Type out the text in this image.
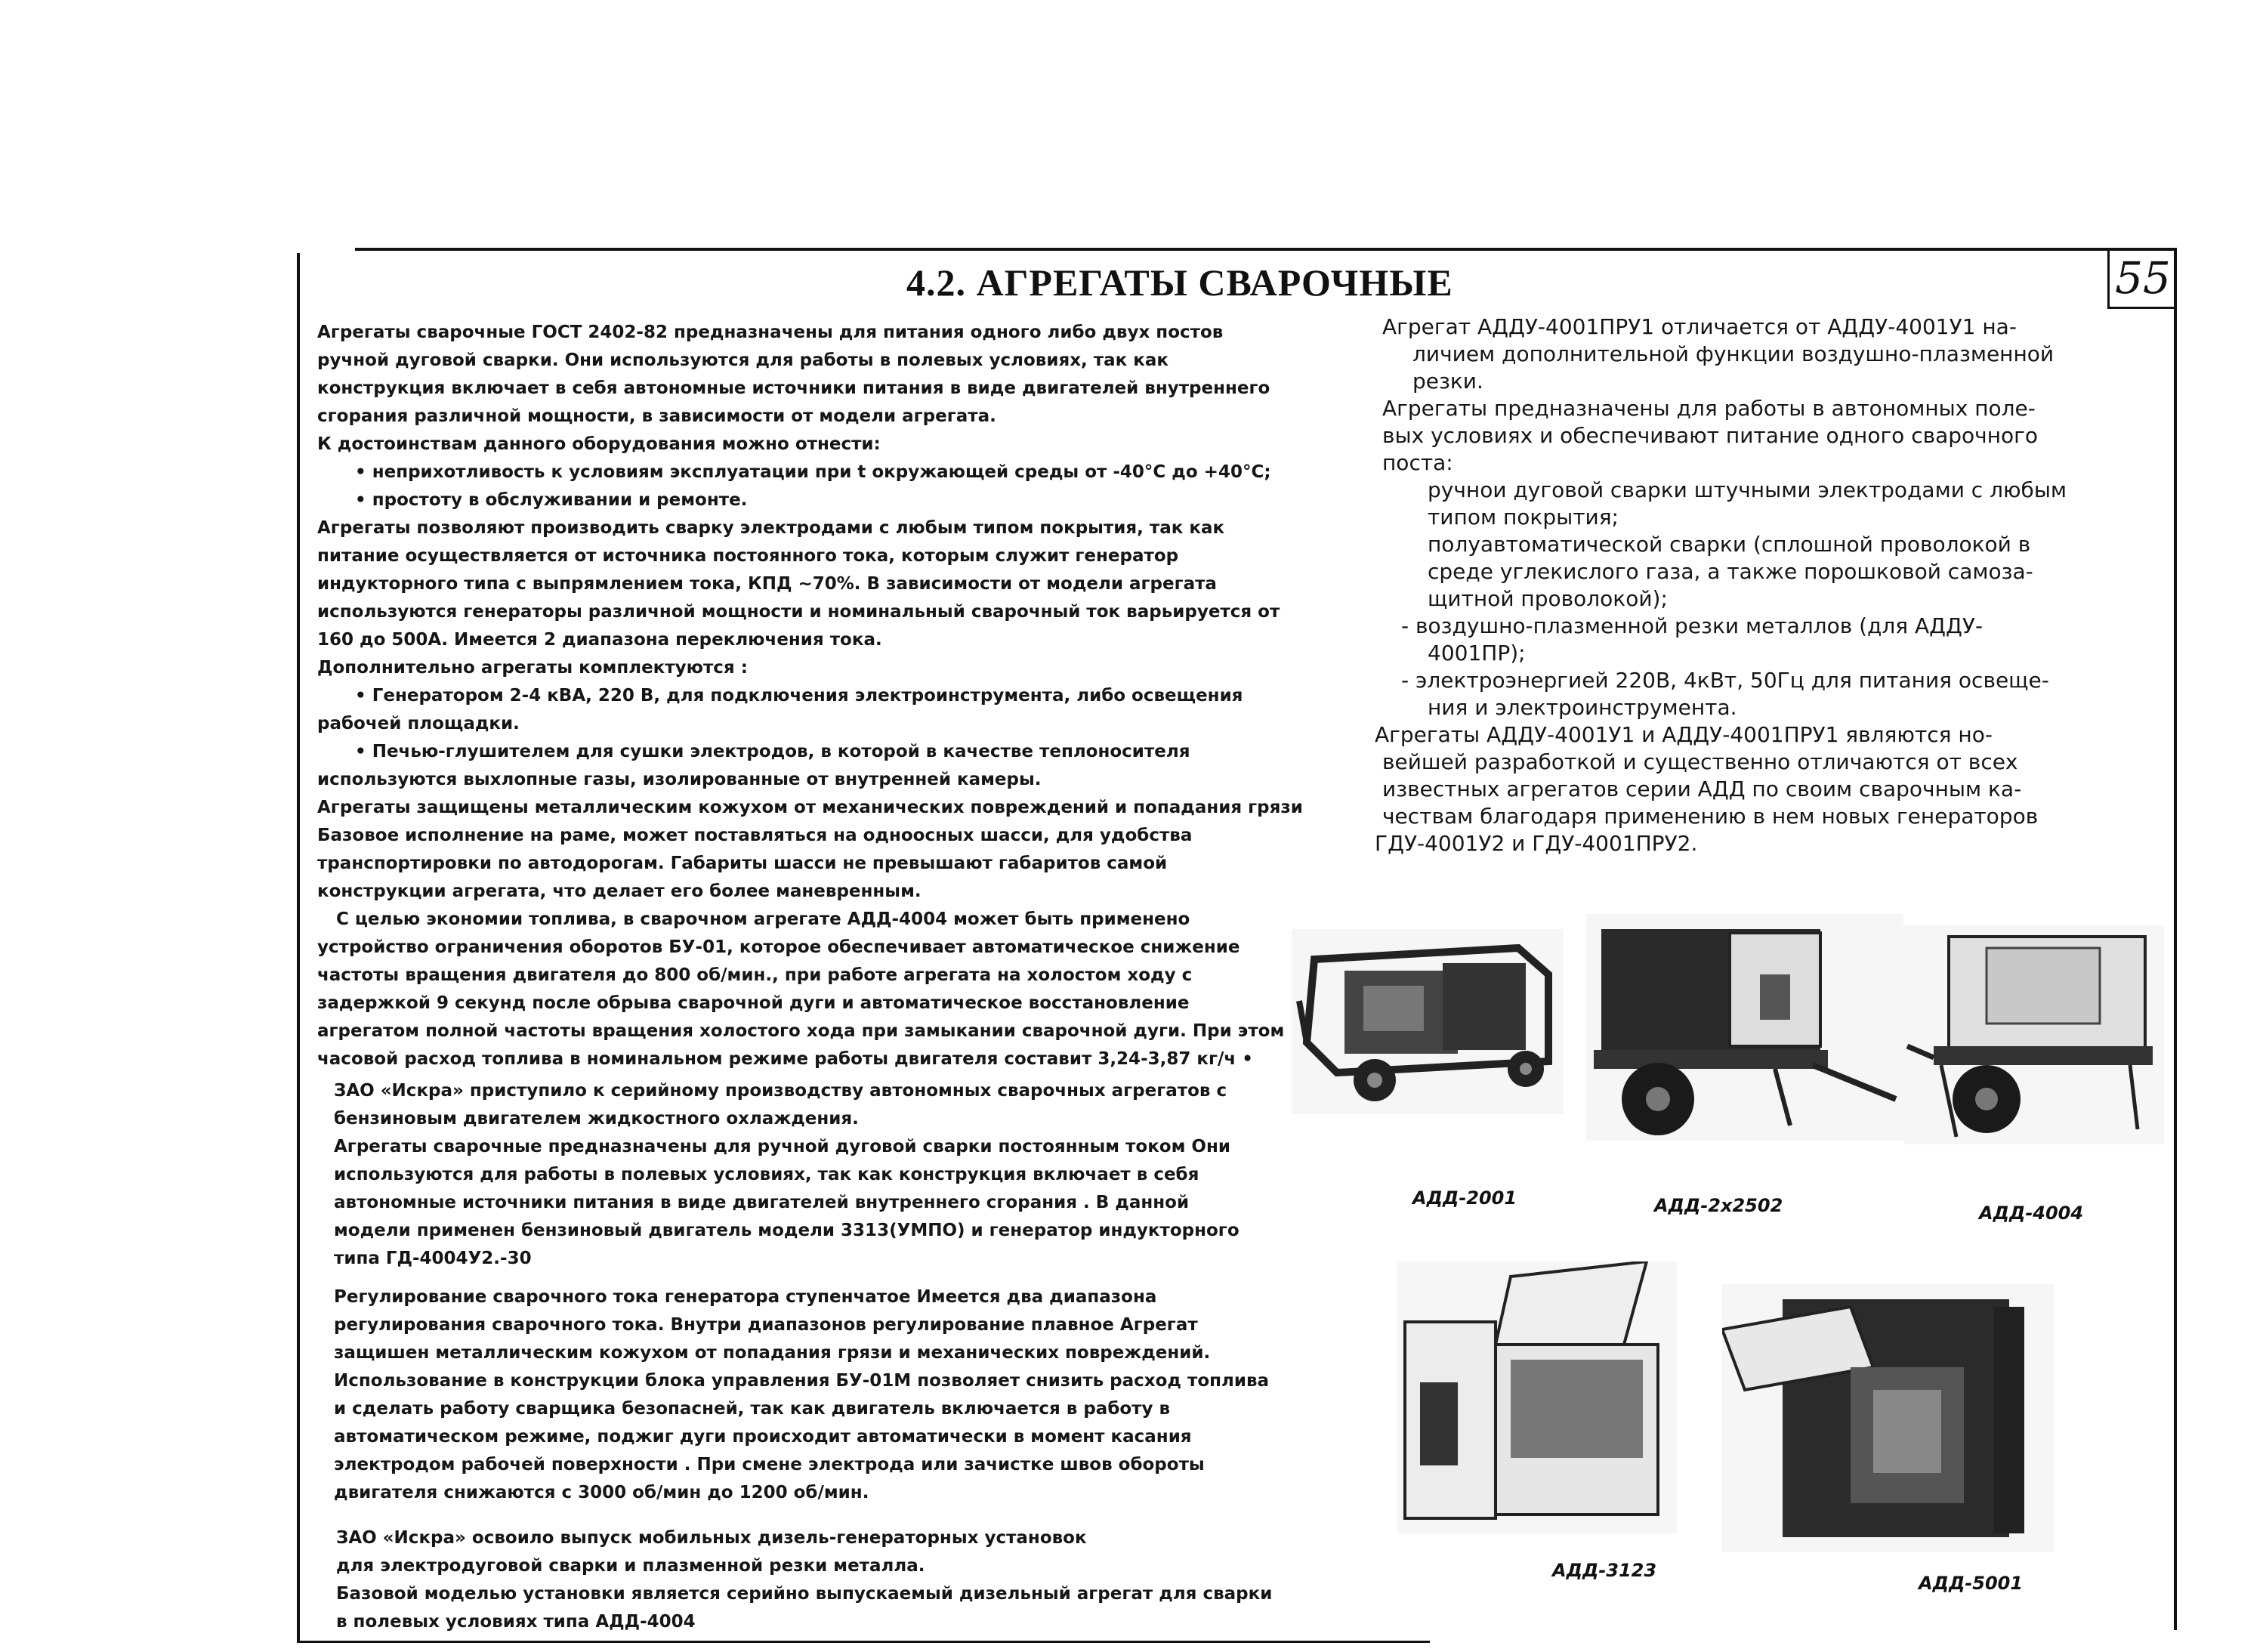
55
4.2. АГРЕГАТЫ СВАРОЧНЫЕ

Агрегаты сварочные ГОСТ 2402-82 предназначены для питания одного либо двух постов

ручной дуговой сварки. Они используются для работы в полевых условиях, так как

конструкция включает в себя автономные источники питания в виде двигателей внутреннего

сгорания различной мощности, в зависимости от модели агрегата.

К достоинствам данного оборудования можно отнести:

• неприхотливость к условиям эксплуатации при t окружающей среды от -40°С до +40°С;

• простоту в обслуживании и ремонте.

Агрегаты позволяют производить сварку электродами с любым типом покрытия, так как

питание осуществляется от источника постоянного тока, которым служит генератор

индукторного типа с выпрямлением тока, КПД ~70%. В зависимости от модели агрегата

используются генераторы различной мощности и номинальный сварочный ток варьируется от

160 до 500А. Имеется 2 диапазона переключения тока.

Дополнительно агрегаты комплектуются :

• Генератором 2-4 кВА, 220 В, для подключения электроинструмента, либо освещения

рабочей площадки.

• Печью-глушителем для сушки электродов, в которой в качестве теплоносителя

используются выхлопные газы, изолированные от внутренней камеры.

Агрегаты защищены металлическим кожухом от механических повреждений и попадания грязи

Базовое исполнение на раме, может поставляться на одноосных шасси, для удобства

транспортировки по автодорогам. Габариты шасси не превышают габаритов самой

конструкции агрегата, что делает его более маневренным.

С целью экономии топлива, в сварочном агрегате АДД-4004 может быть применено

устройство ограничения оборотов БУ-01, которое обеспечивает автоматическое снижение

частоты вращения двигателя до 800 об/мин., при работе агрегата на холостом ходу с

задержкой 9 секунд после обрыва сварочной дуги и автоматическое восстановление

агрегатом полной частоты вращения холостого хода при замыкании сварочной дуги. При этом

часовой расход топлива в номинальном режиме работы двигателя составит 3,24-3,87 кг/ч •

ЗАО «Искра» приступило к серийному производству автономных сварочных агрегатов с

бензиновым двигателем жидкостного охлаждения.

Агрегаты сварочные предназначены для ручной дуговой сварки постоянным током Они

используются для работы в полевых условиях, так как конструкция включает в себя

автономные источники питания в виде двигателей внутреннего сгорания . В данной

модели применен бензиновый двигатель модели 3313(УМПО) и генератор индукторного

типа ГД-4004У2.-30

Регулирование сварочного тока генератора ступенчатое Имеется два диапазона

регулирования сварочного тока. Внутри диапазонов регулирование плавное Агрегат

защишен металлическим кожухом от попадания грязи и механических повреждений.

Использование в конструкции блока управления БУ-01М позволяет снизить расход топлива

и сделать работу сварщика безопасней, так как двигатель включается в работу в

автоматическом режиме, поджиг дуги происходит автоматически в момент касания

электродом рабочей поверхности . При смене электрода или зачистке швов обороты

двигателя снижаются с 3000 об/мин до 1200 об/мин.

ЗАО «Искра» освоило выпуск мобильных дизель-генераторных установок

для электродуговой сварки и плазменной резки металла.

Базовой моделью установки является серийно выпускаемый дизельный агрегат для сварки

в полевых условиях типа АДД-4004

Агрегат АДДУ-4001ПРУ1 отличается от АДДУ-4001У1 на-

личием дополнительной функции воздушно-плазменной

резки.

Агрегаты предназначены для работы в автономных поле-

вых условиях и обеспечивают питание одного сварочного

поста:

ручнои дуговой сварки штучными электродами с любым

типом покрытия;

полуавтоматической сварки (сплошной проволокой в

среде углекислого газа, а также порошковой самоза-

щитной проволокой);

- воздушно-плазменной резки металлов (для АДДУ-

4001ПР);

- электроэнергией 220В, 4кВт, 50Гц для питания освеще-

ния и электроинструмента.

Агрегаты АДДУ-4001У1 и АДДУ-4001ПРУ1 являются но-

вейшей разработкой и существенно отличаются от всех

известных агрегатов серии АДД по своим сварочным ка-

чествам благодаря применению в нем новых генераторов

ГДУ-4001У2 и ГДУ-4001ПРУ2.

АДД-2001	АДД-2х2502	АДД-4004
АДД-3123
АДД-5001
